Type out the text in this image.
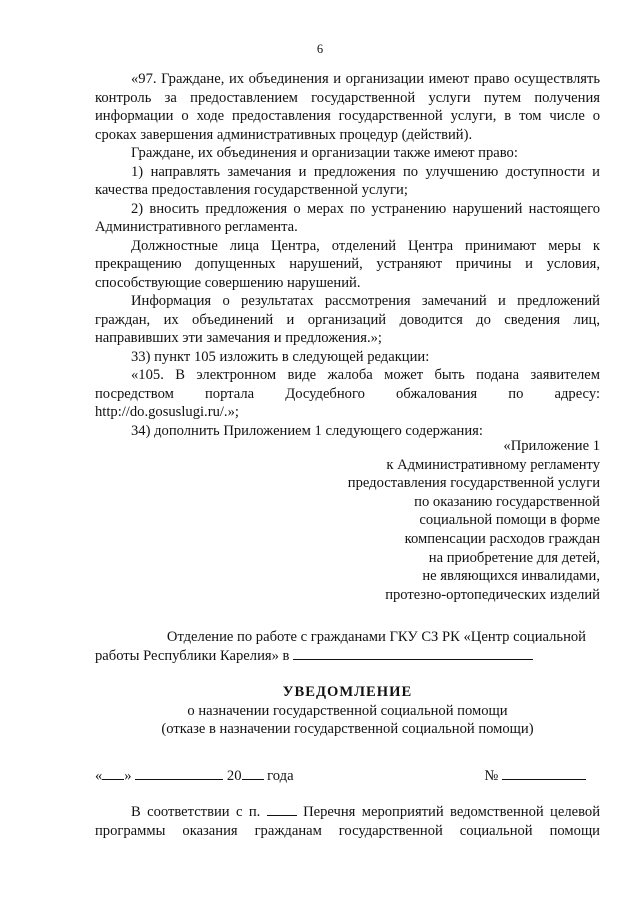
6

«97. Граждане, их объединения и организации имеют право осуществлять контроль за предоставлением государственной услуги путем получения информации о ходе предоставления государственной услуги, в том числе о сроках завершения административных процедур (действий).

Граждане, их объединения и организации также имеют право:

1) направлять замечания и предложения по улучшению доступности и качества предоставления государственной услуги;

2) вносить предложения о мерах по устранению нарушений настоящего Административного регламента.

Должностные лица Центра, отделений Центра принимают меры к прекращению допущенных нарушений, устраняют причины и условия, способствующие совершению нарушений.

Информация о результатах рассмотрения замечаний и предложений граждан, их объединений и организаций доводится до сведения лиц, направивших эти замечания и предложения.»;

33) пункт 105 изложить в следующей редакции:

«105. В электронном виде жалоба может быть подана заявителем посредством портала Досудебного обжалования по адресу: http://do.gosuslugi.ru/.»;

34) дополнить Приложением 1 следующего содержания:

«Приложение 1
к Административному регламенту
предоставления государственной услуги
по оказанию государственной
социальной помощи в форме
компенсации расходов граждан
на приобретение для детей,
не являющихся инвалидами,
протезно-ортопедических изделий
Отделение по работе с гражданами ГКУ СЗ РК «Центр социальной
работы Республики Карелия» в
УВЕДОМЛЕНИЕ
о назначении государственной социальной помощи
(отказе в назначении государственной социальной помощи)
« »	20 года	№

В соответствии с п.	Перечня мероприятий ведомственной целевой

программы оказания гражданам государственной социальной помощи
